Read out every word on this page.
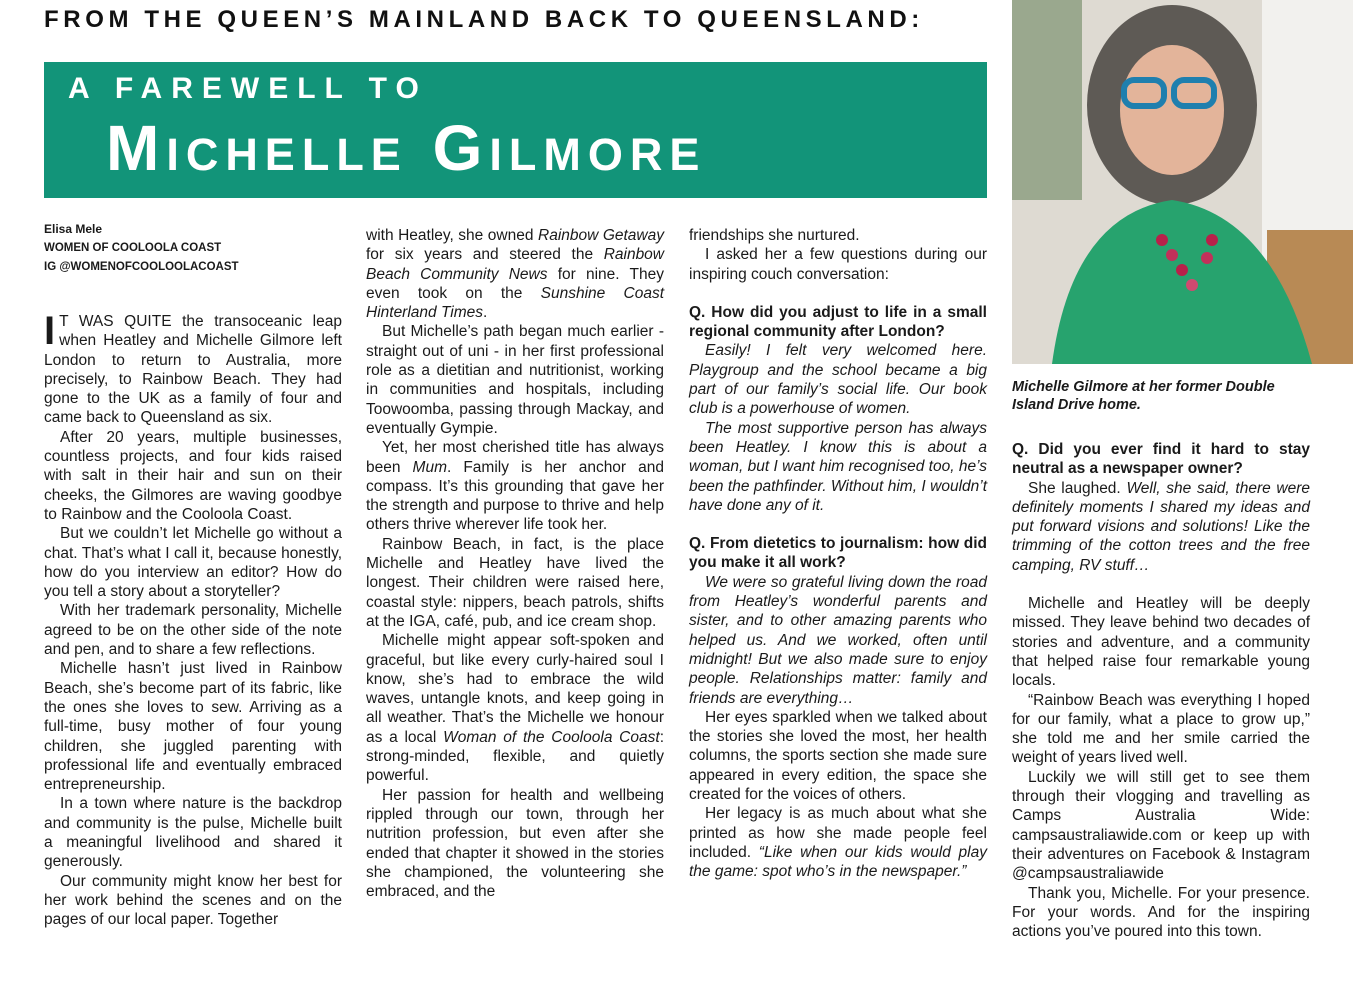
FROM THE QUEEN’S MAINLAND BACK TO QUEENSLAND:
A FAREWELL TO
Michelle Gilmore
Elisa Mele
WOMEN OF COOLOOLA COAST
IG @WOMENOFCOOLOOLACOAST

I T WAS QUITE the transoceanic leap when Heatley and Michelle Gilmore left London to return to Australia, more precisely, to Rainbow Beach. They had gone to the UK as a family of four and came back to Queensland as six.

After 20 years, multiple businesses, countless projects, and four kids raised with salt in their hair and sun on their cheeks, the Gilmores are waving goodbye to Rainbow and the Cooloola Coast.

But we couldn’t let Michelle go without a chat. That’s what I call it, because honestly, how do you interview an editor? How do you tell a story about a storyteller?

With her trademark personality, Michelle agreed to be on the other side of the note and pen, and to share a few reflections.

Michelle hasn’t just lived in Rainbow Beach, she’s become part of its fabric, like the ones she loves to sew. Arriving as a full-time, busy mother of four young children, she juggled parenting with professional life and eventually embraced entrepreneurship.

In a town where nature is the backdrop and community is the pulse, Michelle built a meaningful livelihood and shared it generously.

Our community might know her best for her work behind the scenes and on the pages of our local paper. Together

with Heatley, she owned Rainbow Getaway for six years and steered the Rainbow Beach Community News for nine. They even took on the Sunshine Coast Hinterland Times.

But Michelle’s path began much earlier - straight out of uni - in her first professional role as a dietitian and nutritionist, working in communities and hospitals, including Toowoomba, passing through Mackay, and eventually Gympie.

Yet, her most cherished title has always been Mum. Family is her anchor and compass. It’s this grounding that gave her the strength and purpose to thrive and help others thrive wherever life took her.

Rainbow Beach, in fact, is the place Michelle and Heatley have lived the longest. Their children were raised here, coastal style: nippers, beach patrols, shifts at the IGA, café, pub, and ice cream shop.

Michelle might appear soft-spoken and graceful, but like every curly-haired soul I know, she’s had to embrace the wild waves, untangle knots, and keep going in all weather. That’s the Michelle we honour as a local Woman of the Cooloola Coast: strong-minded, flexible, and quietly powerful.

Her passion for health and wellbeing rippled through our town, through her nutrition profession, but even after she ended that chapter it showed in the stories she championed, the volunteering she embraced, and the

friendships she nurtured.

I asked her a few questions during our inspiring couch conversation:

Q. How did you adjust to life in a small regional community after London?

Easily! I felt very welcomed here. Playgroup and the school became a big part of our family’s social life. Our book club is a powerhouse of women.

The most supportive person has always been Heatley. I know this is about a woman, but I want him recognised too, he’s been the pathfinder. Without him, I wouldn’t have done any of it.

Q. From dietetics to journalism: how did you make it all work?

We were so grateful living down the road from Heatley’s wonderful parents and sister, and to other amazing parents who helped us. And we worked, often until midnight! But we also made sure to enjoy people. Relationships matter: family and friends are everything…

Her eyes sparkled when we talked about the stories she loved the most, her health columns, the sports section she made sure appeared in every edition, the space she created for the voices of others.

Her legacy is as much about what she printed as how she made people feel included. “Like when our kids would play the game: spot who’s in the newspaper.”

Michelle Gilmore at her former Double Island Drive home.

Q. Did you ever find it hard to stay neutral as a newspaper owner?

She laughed. Well, she said, there were definitely moments I shared my ideas and put forward visions and solutions! Like the trimming of the cotton trees and the free camping, RV stuff…

Michelle and Heatley will be deeply missed. They leave behind two decades of stories and adventure, and a community that helped raise four remarkable young locals.

“Rainbow Beach was everything I hoped for our family, what a place to grow up,” she told me and her smile carried the weight of years lived well.

Luckily we will still get to see them through their vlogging and travelling as Camps Australia Wide: campsaustraliawide.com or keep up with their adventures on Facebook & Instagram @campsaustraliawide

Thank you, Michelle. For your presence. For your words. And for the inspiring actions you’ve poured into this town.
